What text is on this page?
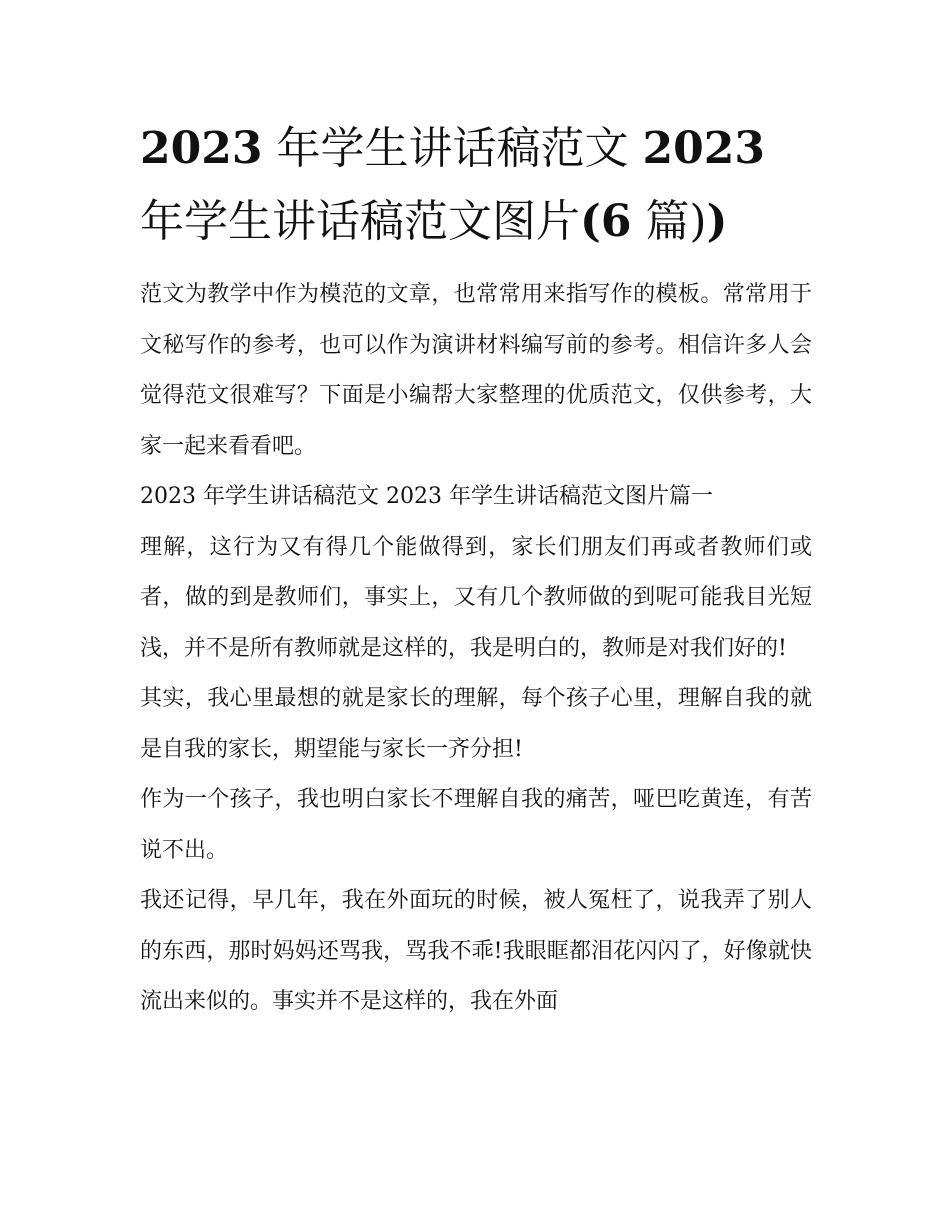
2023 年学生讲话稿范文 2023
年学生讲话稿范文图片(6 篇))

范文为教学中作为模范的文章，也常常用来指写作的模板。常常用于文秘写作的参考，也可以作为演讲材料编写前的参考。相信许多人会觉得范文很难写？下面是小编帮大家整理的优质范文，仅供参考，大家一起来看看吧。

2023 年学生讲话稿范文 2023 年学生讲话稿范文图片篇一

理解，这行为又有得几个能做得到，家长们朋友们再或者教师们或者，做的到是教师们，事实上，又有几个教师做的到呢可能我目光短浅，并不是所有教师就是这样的，我是明白的，教师是对我们好的!

其实，我心里最想的就是家长的理解，每个孩子心里，理解自我的就是自我的家长，期望能与家长一齐分担!

作为一个孩子，我也明白家长不理解自我的痛苦，哑巴吃黄连，有苦说不出。

我还记得，早几年，我在外面玩的时候，被人冤枉了，说我弄了别人的东西，那时妈妈还骂我，骂我不乖!我眼眶都泪花闪闪了，好像就快流出来似的。事实并不是这样的，我在外面
